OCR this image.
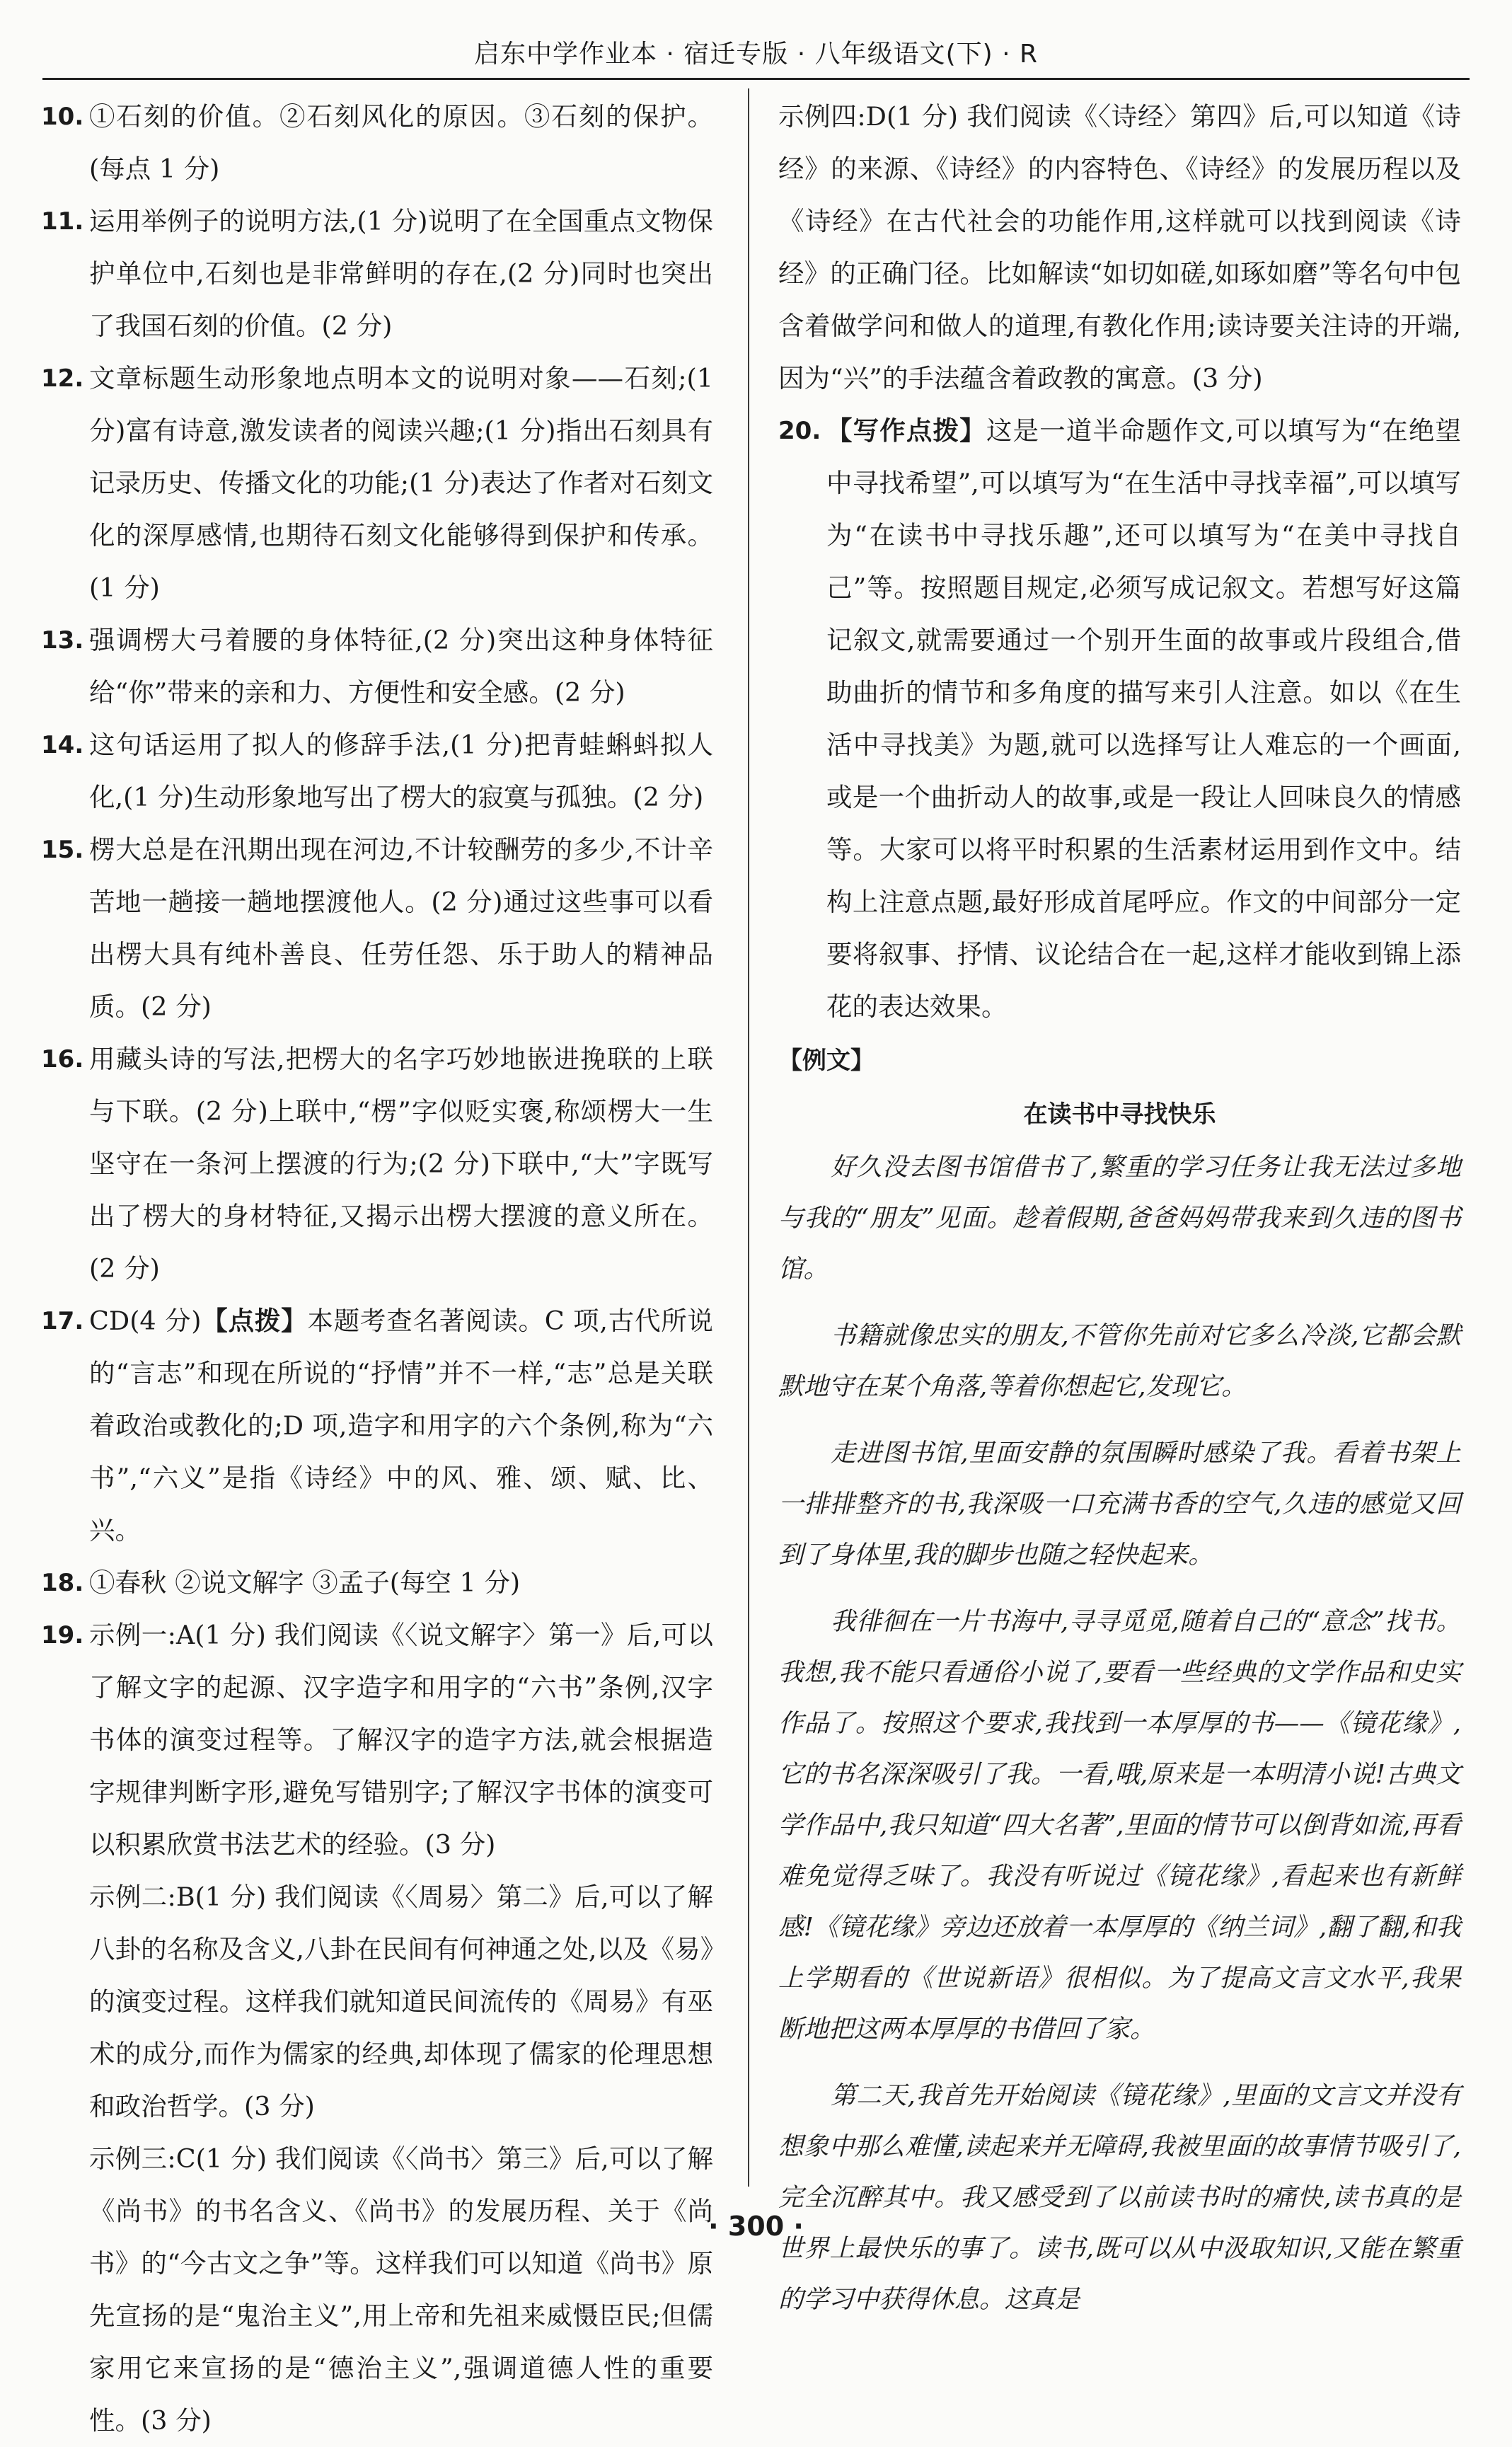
启东中学作业本 · 宿迁专版 · 八年级语文(下) · R
10. ①石刻的价值。②石刻风化的原因。③石刻的保护。(每点 1 分)
11. 运用举例子的说明方法,(1 分)说明了在全国重点文物保护单位中,石刻也是非常鲜明的存在,(2 分)同时也突出了我国石刻的价值。(2 分)
12. 文章标题生动形象地点明本文的说明对象——石刻;(1 分)富有诗意,激发读者的阅读兴趣;(1 分)指出石刻具有记录历史、传播文化的功能;(1 分)表达了作者对石刻文化的深厚感情,也期待石刻文化能够得到保护和传承。(1 分)
13. 强调楞大弓着腰的身体特征,(2 分)突出这种身体特征给“你”带来的亲和力、方便性和安全感。(2 分)
14. 这句话运用了拟人的修辞手法,(1 分)把青蛙蝌蚪拟人化,(1 分)生动形象地写出了楞大的寂寞与孤独。(2 分)
15. 楞大总是在汛期出现在河边,不计较酬劳的多少,不计辛苦地一趟接一趟地摆渡他人。(2 分)通过这些事可以看出楞大具有纯朴善良、任劳任怨、乐于助人的精神品质。(2 分)
16. 用藏头诗的写法,把楞大的名字巧妙地嵌进挽联的上联与下联。(2 分)上联中,“楞”字似贬实褒,称颂楞大一生坚守在一条河上摆渡的行为;(2 分)下联中,“大”字既写出了楞大的身材特征,又揭示出楞大摆渡的意义所在。(2 分)
17. CD(4 分)【点拨】本题考查名著阅读。C 项,古代所说的“言志”和现在所说的“抒情”并不一样,“志”总是关联着政治或教化的;D 项,造字和用字的六个条例,称为“六书”,“六义”是指《诗经》中的风、雅、颂、赋、比、兴。
18. ①春秋 ②说文解字 ③孟子(每空 1 分)
19. 示例一:A(1 分) 我们阅读《〈说文解字〉第一》后,可以了解文字的起源、汉字造字和用字的“六书”条例,汉字书体的演变过程等。了解汉字的造字方法,就会根据造字规律判断字形,避免写错别字;了解汉字书体的演变可以积累欣赏书法艺术的经验。(3 分)

示例二:B(1 分) 我们阅读《〈周易〉第二》后,可以了解八卦的名称及含义,八卦在民间有何神通之处,以及《易》的演变过程。这样我们就知道民间流传的《周易》有巫术的成分,而作为儒家的经典,却体现了儒家的伦理思想和政治哲学。(3 分)

示例三:C(1 分) 我们阅读《〈尚书〉第三》后,可以了解《尚书》的书名含义、《尚书》的发展历程、关于《尚书》的“今古文之争”等。这样我们可以知道《尚书》原先宣扬的是“鬼治主义”,用上帝和先祖来威慑臣民;但儒家用它来宣扬的是“德治主义”,强调道德人性的重要性。(3 分)

示例四:D(1 分) 我们阅读《〈诗经〉第四》后,可以知道《诗经》的来源、《诗经》的内容特色、《诗经》的发展历程以及《诗经》在古代社会的功能作用,这样就可以找到阅读《诗经》的正确门径。比如解读“如切如磋,如琢如磨”等名句中包含着做学问和做人的道理,有教化作用;读诗要关注诗的开端,因为“兴”的手法蕴含着政教的寓意。(3 分)

20. 【写作点拨】这是一道半命题作文,可以填写为“在绝望中寻找希望”,可以填写为“在生活中寻找幸福”,可以填写为“在读书中寻找乐趣”,还可以填写为“在美中寻找自己”等。按照题目规定,必须写成记叙文。若想写好这篇记叙文,就需要通过一个别开生面的故事或片段组合,借助曲折的情节和多角度的描写来引人注意。如以《在生活中寻找美》为题,就可以选择写让人难忘的一个画面,或是一个曲折动人的故事,或是一段让人回味良久的情感等。大家可以将平时积累的生活素材运用到作文中。结构上注意点题,最好形成首尾呼应。作文的中间部分一定要将叙事、抒情、议论结合在一起,这样才能收到锦上添花的表达效果。
【例文】
在读书中寻找快乐

好久没去图书馆借书了,繁重的学习任务让我无法过多地与我的“朋友”见面。趁着假期,爸爸妈妈带我来到久违的图书馆。

书籍就像忠实的朋友,不管你先前对它多么冷淡,它都会默默地守在某个角落,等着你想起它,发现它。

走进图书馆,里面安静的氛围瞬时感染了我。看着书架上一排排整齐的书,我深吸一口充满书香的空气,久违的感觉又回到了身体里,我的脚步也随之轻快起来。

我徘徊在一片书海中,寻寻觅觅,随着自己的“意念”找书。我想,我不能只看通俗小说了,要看一些经典的文学作品和史实作品了。按照这个要求,我找到一本厚厚的书——《镜花缘》,它的书名深深吸引了我。一看,哦,原来是一本明清小说!古典文学作品中,我只知道“四大名著”,里面的情节可以倒背如流,再看难免觉得乏味了。我没有听说过《镜花缘》,看起来也有新鲜感!《镜花缘》旁边还放着一本厚厚的《纳兰词》,翻了翻,和我上学期看的《世说新语》很相似。为了提高文言文水平,我果断地把这两本厚厚的书借回了家。

第二天,我首先开始阅读《镜花缘》,里面的文言文并没有想象中那么难懂,读起来并无障碍,我被里面的故事情节吸引了,完全沉醉其中。我又感受到了以前读书时的痛快,读书真的是世界上最快乐的事了。读书,既可以从中汲取知识,又能在繁重的学习中获得休息。这真是

· 300 ·
